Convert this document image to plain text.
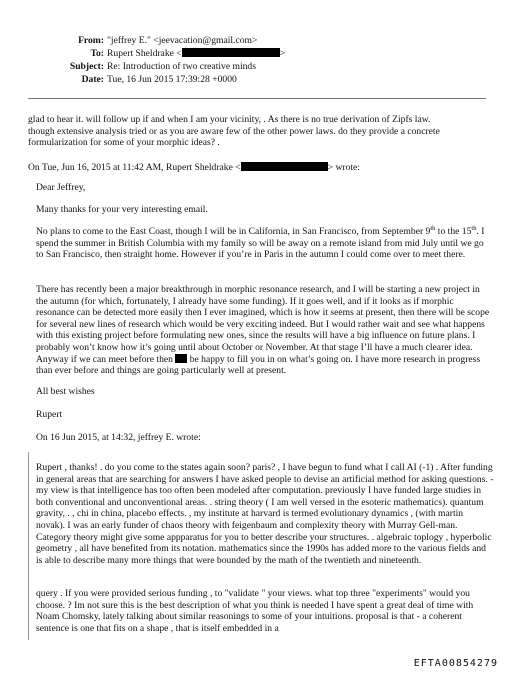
From: "jeffrey E." <jeevacation@gmail.com>
To: Rupert Sheldrake <	>
Subject: Re: Introduction of two creative minds
Date: Tue, 16 Jun 2015 17:39:28 +0000
glad to hear it. will follow up if and when I am your vicinity, . As there is no true derivation of Zipfs law.
though extensive analysis tried or as you are aware few of the other power laws. do they provide a concrete
formularization for some of your morphic ideas? .
On Tue, Jun 16, 2015 at 11:42 AM, Rupert Sheldrake <	> wrote:

Dear Jeffrey,

Many thanks for your very interesting email.

No plans to come to the East Coast, though I will be in California, in San Francisco, from September 9th to the 15th. I spend the summer in British Columbia with my family so will be away on a remote island from mid July until we go to San Francisco, then straight home. However if you’re in Paris in the autumn I could come over to meet there.

There has recently been a major breakthrough in morphic resonance research, and I will be starting a new project in the autumn (for which, fortunately, I already have some funding). If it goes well, and if it looks as if morphic resonance can be detected more easily then I ever imagined, which is how it seems at present, then there will be scope for several new lines of research which would be very exciting indeed. But I would rather wait and see what happens with this existing project before formulating new ones, since the results will have a big influence on future plans. I probably won’t know how it’s going until about October or November. At that stage I’ll have a much clearer idea. Anyway if we can meet before then  be happy to fill you in on what’s going on. I have more research in progress than ever before and things are going particularly well at present.

All best wishes

Rupert

On 16 Jun 2015, at 14:32, jeffrey E. wrote:

Rupert , thanks! . do you come to the states again soon? paris? , I have begun to fund what I call AI (-1) . After funding in general areas that are searching for answers I have asked people to devise an artificial method for asking questions. -my view is that intelligence has too often been modeled after computation. previously I have funded large studies in both conventional and unconventional areas. . string theory ( I am well versed in the esoteric mathematics). quantum gravity, . , chi in china, placebo effects. , my institute at harvard is termed evolutionary dynamics , (with martin novak). I was an early funder of chaos theory with feigenbaum and complexity theory with Murray Gell-man. Category theory might give some appparatus for you to better describe your structures. . algebraic toplogy , hyperbolic geometry , all have benefited from its notation. mathematics since the 1990s has added more to the various fields and is able to describe many more things that were bounded by the math of the twentieth and nineteenth.

query . If you were provided serious funding , to "validate " your views. what top three "experiments" would you choose. ? Im not sure this is the best description of what you think is needed I have spent a great deal of time with Noam Chomsky, lately talking about similar reasonings to some of your intuitions. proposal is that - a coherent sentence is one that fits on a shape , that is itself embedded in a

EFTA00854279
